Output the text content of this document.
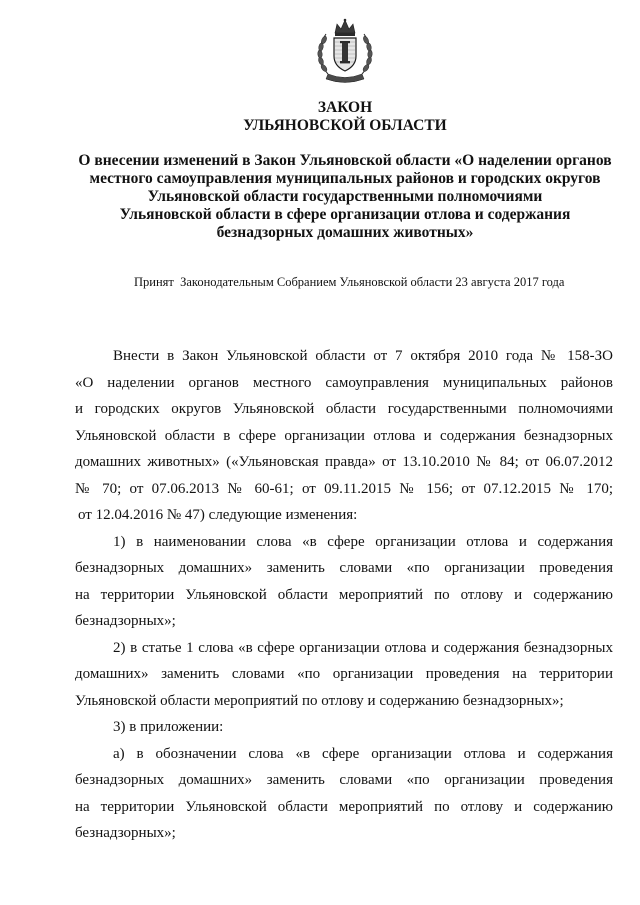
ЗАКОН
УЛЬЯНОВСКОЙ ОБЛАСТИ
О внесении изменений в Закон Ульяновской области «О наделении органов
местного самоуправления муниципальных районов и городских округов
Ульяновской области государственными полномочиями
Ульяновской области в сфере организации отлова и содержания
безнадзорных домашних животных»
Принят  Законодательным Собранием Ульяновской области 23 августа 2017 года
Внести в Закон Ульяновской области от 7 октября 2010 года № 158-ЗО
«О наделении органов местного самоуправления муниципальных районов
и городских округов Ульяновской области государственными полномочиями
Ульяновской области в сфере организации отлова и содержания безнадзорных
домашних животных» («Ульяновская правда» от 13.10.2010 № 84; от 06.07.2012
№ 70; от 07.06.2013 № 60-61; от 09.11.2015 № 156; от 07.12.2015 № 170;
от 12.04.2016 № 47) следующие изменения:
1) в наименовании слова «в сфере организации отлова и содержания
безнадзорных домашних» заменить словами «по организации проведения
на территории Ульяновской области мероприятий по отлову и содержанию
безнадзорных»;
2) в статье 1 слова «в сфере организации отлова и содержания безнадзорных
домашних» заменить словами «по организации проведения на территории
Ульяновской области мероприятий по отлову и содержанию безнадзорных»;
3) в приложении:
а) в обозначении слова «в сфере организации отлова и содержания
безнадзорных домашних» заменить словами «по организации проведения
на территории Ульяновской области мероприятий по отлову и содержанию
безнадзорных»;
